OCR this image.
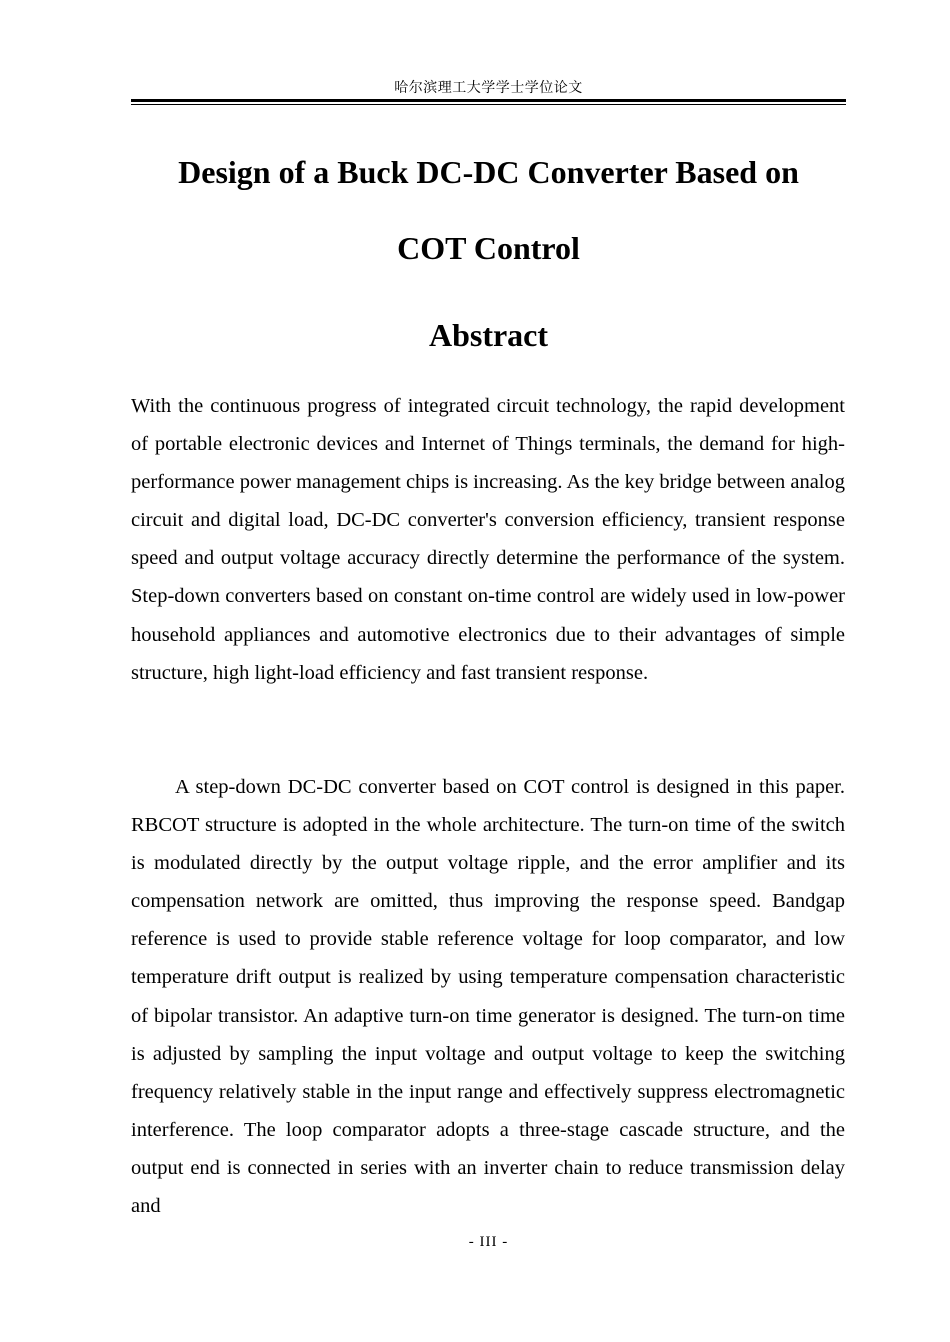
哈尔滨理工大学学士学位论文
Design of a Buck DC-DC Converter Based on
COT Control
Abstract

With the continuous progress of integrated circuit technology, the rapid development of portable electronic devices and Internet of Things terminals, the demand for high-performance power management chips is increasing. As the key bridge between analog circuit and digital load, DC-DC converter's conversion efficiency, transient response speed and output voltage accuracy directly determine the performance of the system. Step-down converters based on constant on-time control are widely used in low-power household appliances and automotive electronics due to their advantages of simple structure, high light-load efficiency and fast transient response.

A step-down DC-DC converter based on COT control is designed in this paper. RBCOT structure is adopted in the whole architecture. The turn-on time of the switch is modulated directly by the output voltage ripple, and the error amplifier and its compensation network are omitted, thus improving the response speed. Bandgap reference is used to provide stable reference voltage for loop comparator, and low temperature drift output is realized by using temperature compensation characteristic of bipolar transistor. An adaptive turn-on time generator is designed. The turn-on time is adjusted by sampling the input voltage and output voltage to keep the switching frequency relatively stable in the input range and effectively suppress electromagnetic interference. The loop comparator adopts a three-stage cascade structure, and the output end is connected in series with an inverter chain to reduce transmission delay and

- III -
